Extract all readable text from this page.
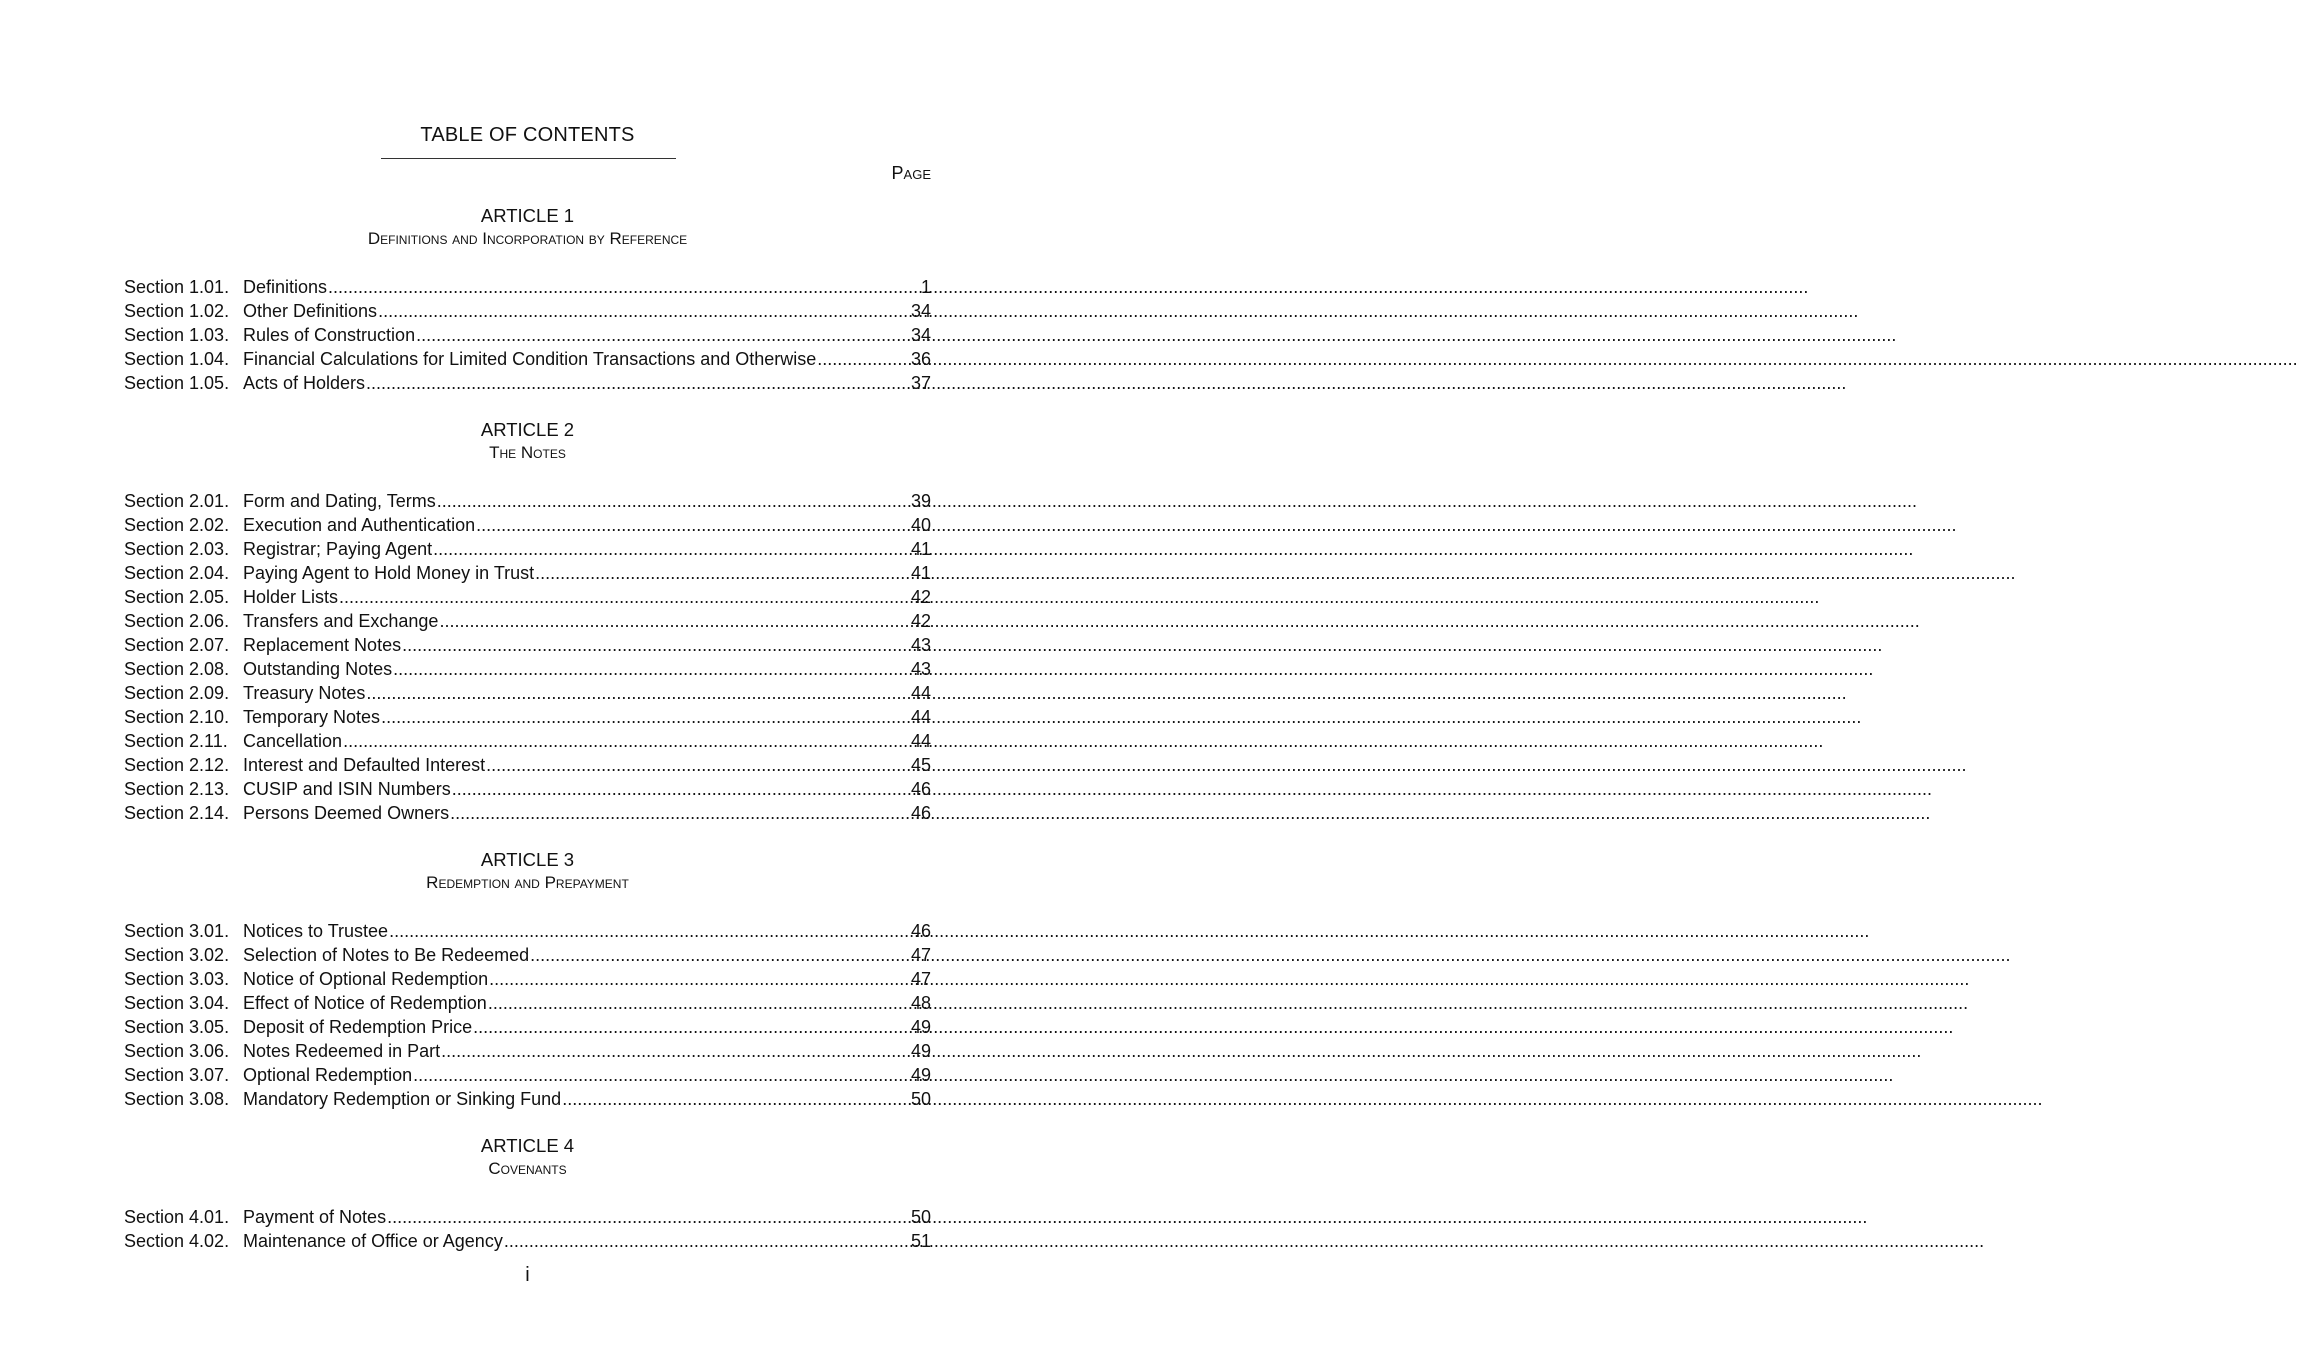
TABLE OF CONTENTS
Page
ARTICLE 1
Definitions and Incorporation by Reference
Section 1.01. Definitions .....	1
Section 1.02. Other Definitions .....	34
Section 1.03. Rules of Construction .....	34
Section 1.04. Financial Calculations for Limited Condition Transactions and Otherwise .....	36
Section 1.05. Acts of Holders .....	37
ARTICLE 2
The Notes
Section 2.01. Form and Dating, Terms .....	39
Section 2.02. Execution and Authentication .....	40
Section 2.03. Registrar; Paying Agent .....	41
Section 2.04. Paying Agent to Hold Money in Trust .....	41
Section 2.05. Holder Lists .....	42
Section 2.06. Transfers and Exchange .....	42
Section 2.07. Replacement Notes .....	43
Section 2.08. Outstanding Notes .....	43
Section 2.09. Treasury Notes .....	44
Section 2.10. Temporary Notes .....	44
Section 2.11. Cancellation .....	44
Section 2.12. Interest and Defaulted Interest .....	45
Section 2.13. CUSIP and ISIN Numbers .....	46
Section 2.14. Persons Deemed Owners .....	46
ARTICLE 3
Redemption and Prepayment
Section 3.01. Notices to Trustee .....	46
Section 3.02. Selection of Notes to Be Redeemed .....	47
Section 3.03. Notice of Optional Redemption .....	47
Section 3.04. Effect of Notice of Redemption .....	48
Section 3.05. Deposit of Redemption Price .....	49
Section 3.06. Notes Redeemed in Part .....	49
Section 3.07. Optional Redemption .....	49
Section 3.08. Mandatory Redemption or Sinking Fund .....	50
ARTICLE 4
Covenants
Section 4.01. Payment of Notes .....	50
Section 4.02. Maintenance of Office or Agency .....	51
i
